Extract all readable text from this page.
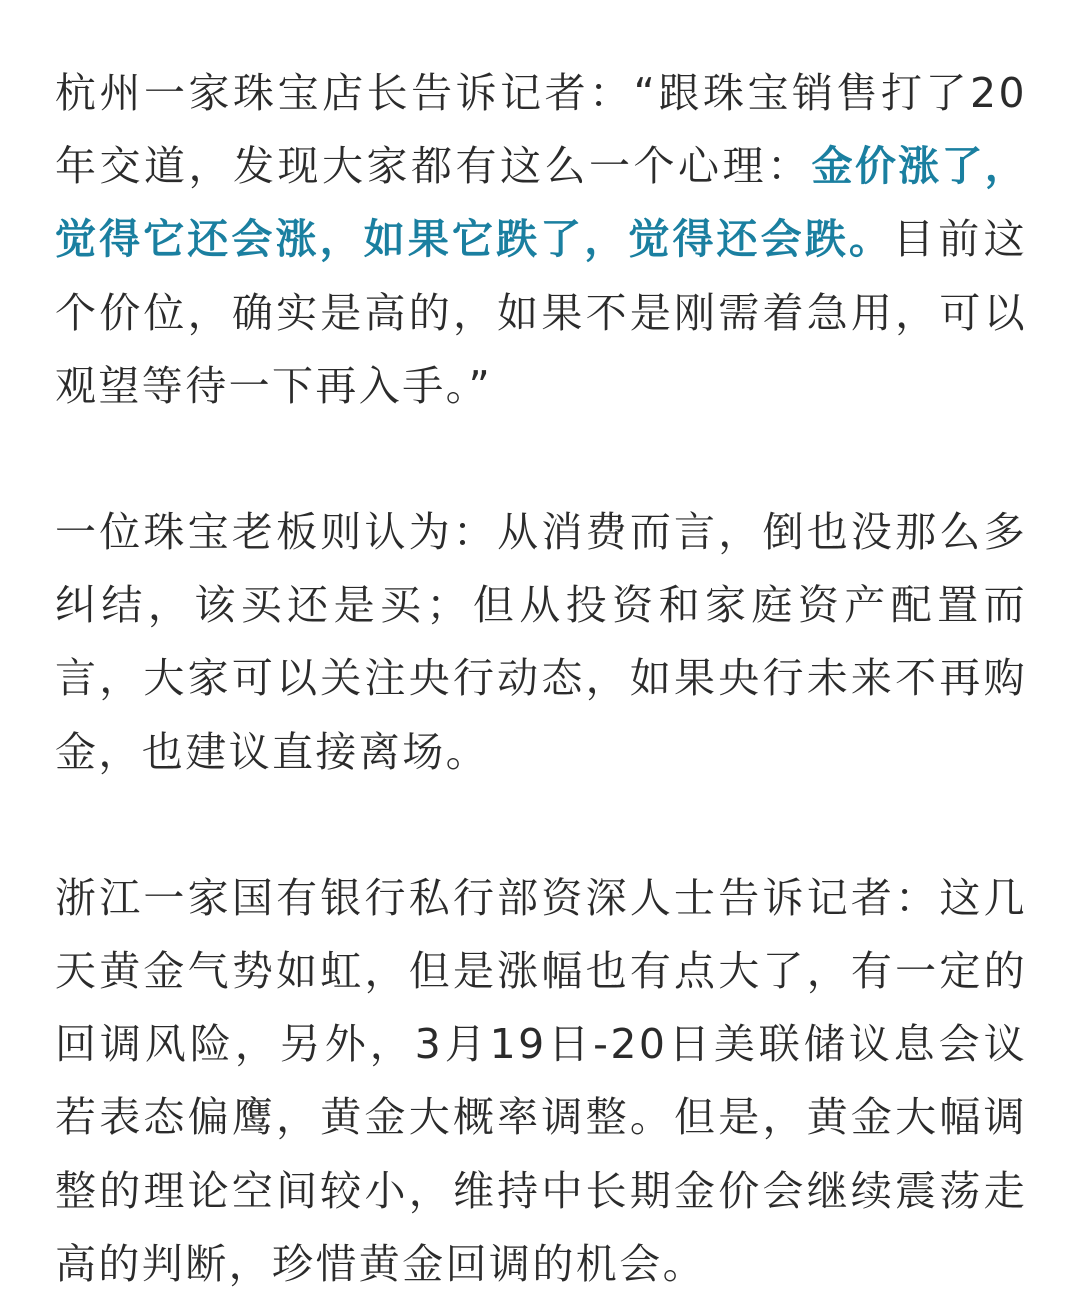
杭州一家珠宝店长告诉记者：“跟珠宝销售打了20年交道，发现大家都有这么一个心理：金价涨了，觉得它还会涨，如果它跌了，觉得还会跌。目前这个价位，确实是高的，如果不是刚需着急用，可以观望等待一下再入手。”

一位珠宝老板则认为：从消费而言，倒也没那么多纠结，该买还是买；但从投资和家庭资产配置而言，大家可以关注央行动态，如果央行未来不再购金，也建议直接离场。

浙江一家国有银行私行部资深人士告诉记者：这几天黄金气势如虹，但是涨幅也有点大了，有一定的回调风险，另外，3月19日-20日美联储议息会议若表态偏鹰，黄金大概率调整。但是，黄金大幅调整的理论空间较小，维持中长期金价会继续震荡走高的判断，珍惜黄金回调的机会。
